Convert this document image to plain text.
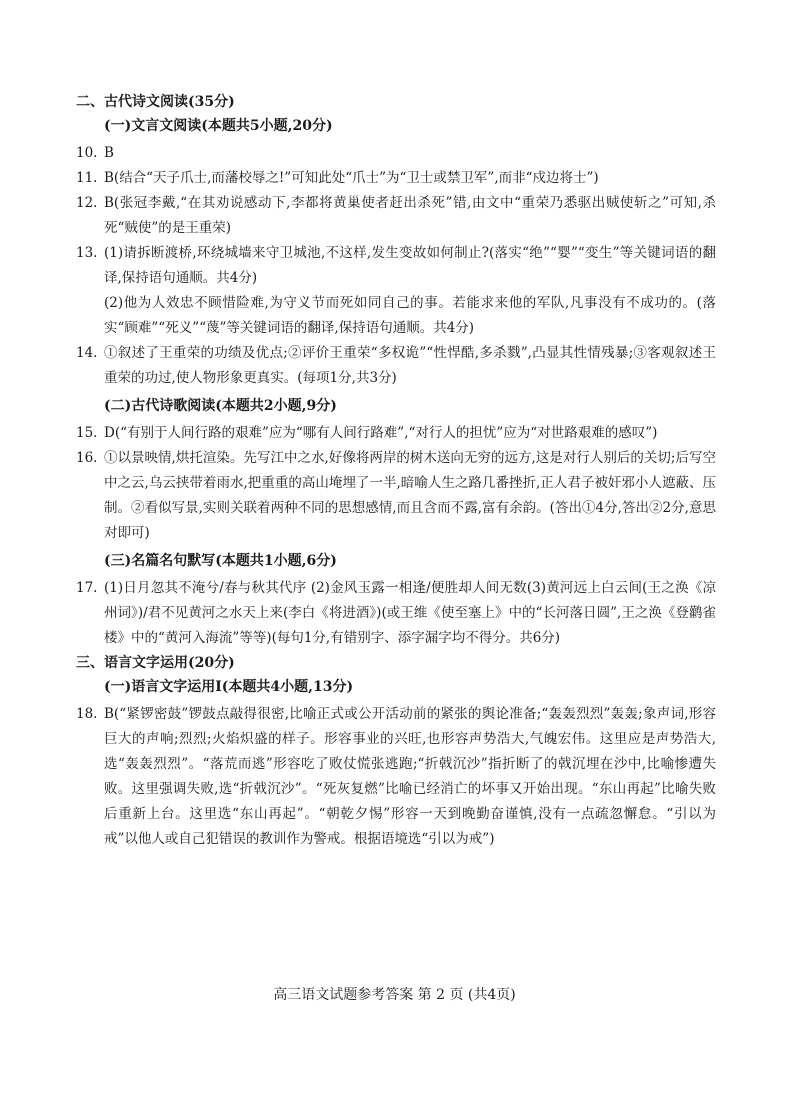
二、古代诗文阅读(35分)
(一)文言文阅读(本题共5小题,20分)
10. B

11. B(结合“天子爪士,而藩校辱之!”可知此处“爪士”为“卫士或禁卫军”,而非“戍边将士”)

12. B(张冠李戴,“在其劝说感动下,李都将黄巢使者赶出杀死”错,由文中“重荣乃悉驱出贼使斩之”可知,杀死“贼使”的是王重荣)

13. (1)请拆断渡桥,环绕城墙来守卫城池,不这样,发生变故如何制止?(落实“绝”“婴”“变生”等关键词语的翻译,保持语句通顺。共4分)

(2)他为人效忠不顾惜险难,为守义节而死如同自己的事。若能求来他的军队,凡事没有不成功的。(落实“顾难”“死义”“蔑”等关键词语的翻译,保持语句通顺。共4分)

14. ①叙述了王重荣的功绩及优点;②评价王重荣“多权诡”“性悍酷,多杀戮”,凸显其性情残暴;③客观叙述王重荣的功过,使人物形象更真实。(每项1分,共3分)

(二)古代诗歌阅读(本题共2小题,9分)
15. D(“有别于人间行路的艰难”应为“哪有人间行路难”,“对行人的担忧”应为“对世路艰难的感叹”)

16. ①以景映情,烘托渲染。先写江中之水,好像将两岸的树木送向无穷的远方,这是对行人别后的关切;后写空中之云,乌云挟带着雨水,把重重的高山埯埋了一半,暗喻人生之路几番挫折,正人君子被奸邪小人遮蔽、压制。②看似写景,实则关联着两种不同的思想感情,而且含而不露,富有余韵。(答出①4分,答出②2分,意思对即可)

(三)名篇名句默写(本题共1小题,6分)
17. (1)日月忽其不淹兮/春与秋其代序 (2)金风玉露一相逢/便胜却人间无数(3)黄河远上白云间(王之涣《凉州词》)/君不见黄河之水天上来(李白《将进酒》)(或王维《使至塞上》中的“长河落日圆”,王之涣《登鹳雀楼》中的“黄河入海流”等等)(每句1分,有错别字、添字漏字均不得分。共6分)

三、语言文字运用(20分)
(一)语言文字运用Ⅰ(本题共4小题,13分)
18. B(“紧锣密鼓”锣鼓点敲得很密,比喻正式或公开活动前的紧张的舆论准备;“轰轰烈烈”轰轰;象声词,形容巨大的声响;烈烈;火焰炽盛的样子。形容事业的兴旺,也形容声势浩大,气魄宏伟。这里应是声势浩大,选“轰轰烈烈”。“落荒而逃”形容吃了败仗慌张逃跑;“折戟沉沙”指折断了的戟沉埋在沙中,比喻惨遭失败。这里强调失败,选“折戟沉沙”。“死灰复燃”比喻已经消亡的坏事又开始出现。“东山再起”比喻失败后重新上台。这里选“东山再起”。“朝乾夕惕”形容一天到晚勤奋谨慎,没有一点疏忽懈怠。“引以为戒”以他人或自己犯错误的教训作为警戒。根据语境选“引以为戒”)

高三语文试题参考答案 第 2 页 (共4页)
